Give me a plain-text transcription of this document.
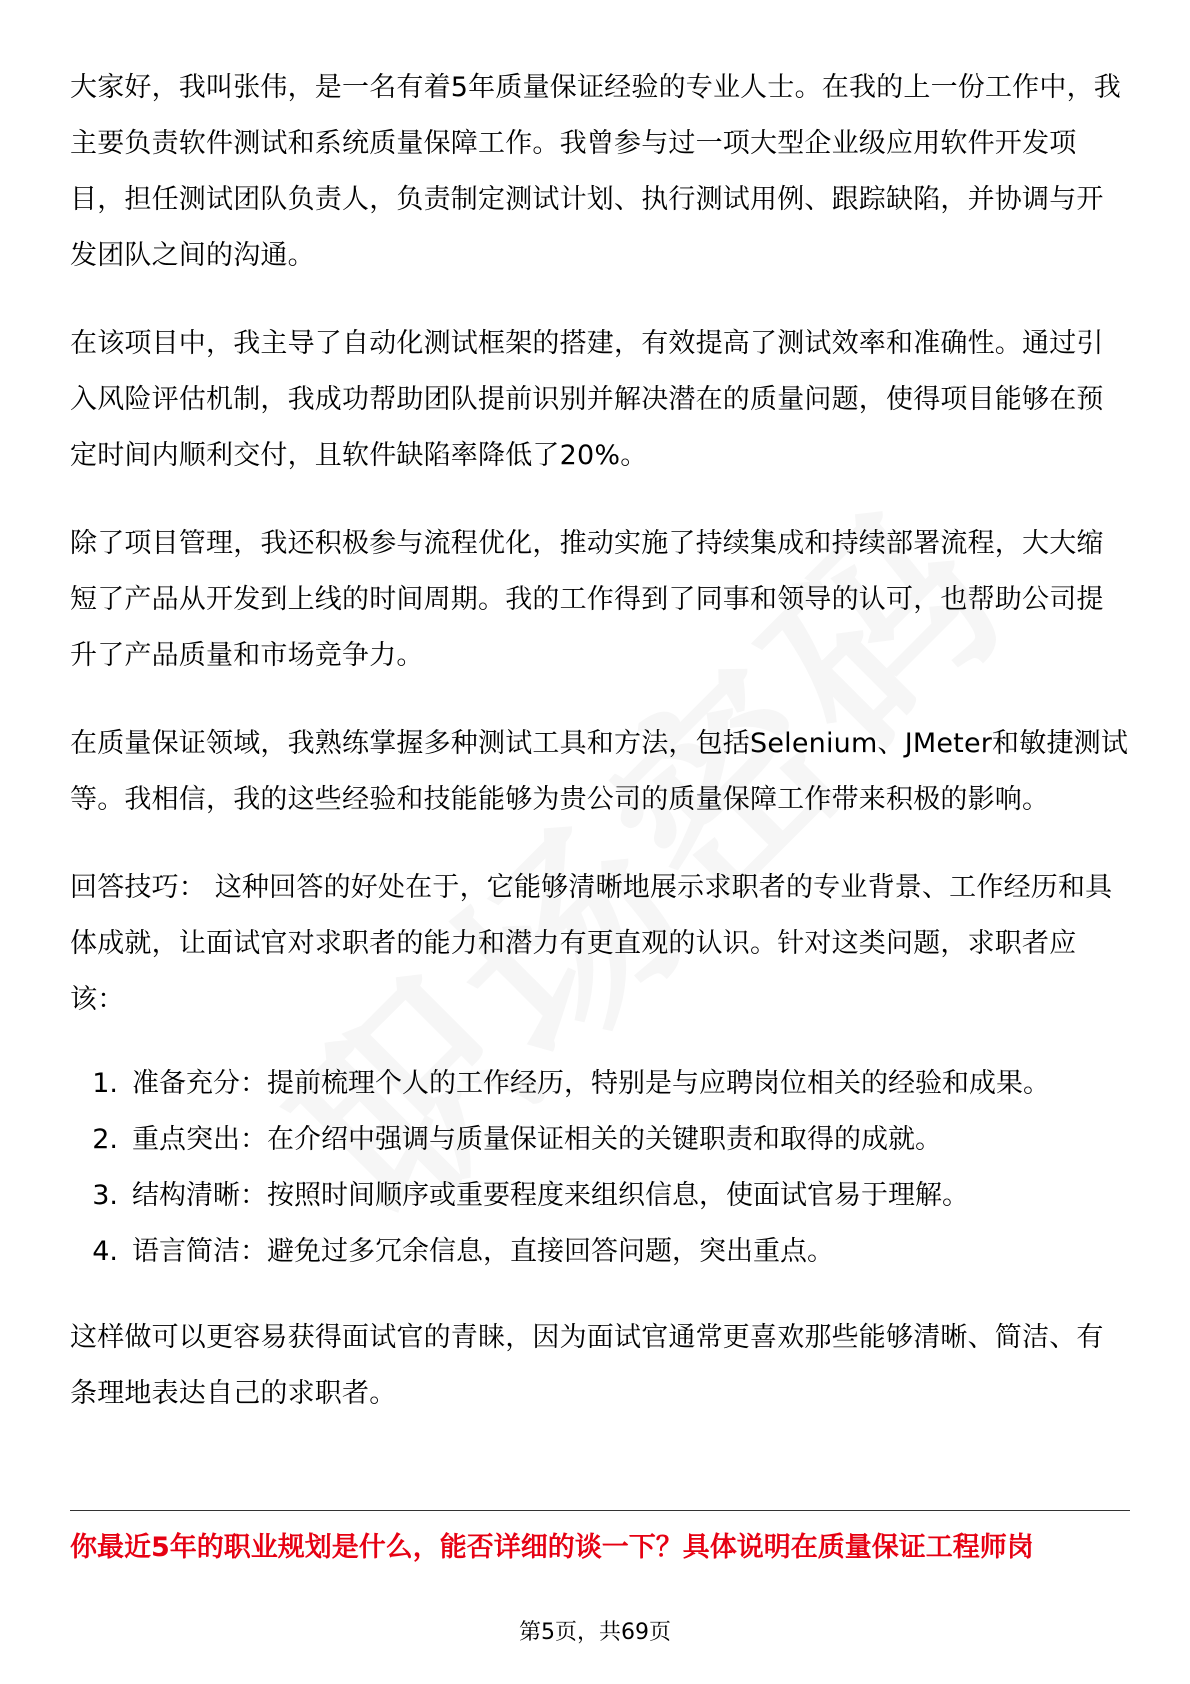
大家好，我叫张伟，是一名有着5年质量保证经验的专业人士。在我的上一份工作中，我主要负责软件测试和系统质量保障工作。我曾参与过一项大型企业级应用软件开发项目，担任测试团队负责人，负责制定测试计划、执行测试用例、跟踪缺陷，并协调与开发团队之间的沟通。

在该项目中，我主导了自动化测试框架的搭建，有效提高了测试效率和准确性。通过引入风险评估机制，我成功帮助团队提前识别并解决潜在的质量问题，使得项目能够在预定时间内顺利交付，且软件缺陷率降低了20%。

除了项目管理，我还积极参与流程优化，推动实施了持续集成和持续部署流程，大大缩短了产品从开发到上线的时间周期。我的工作得到了同事和领导的认可，也帮助公司提升了产品质量和市场竞争力。

在质量保证领域，我熟练掌握多种测试工具和方法，包括Selenium、JMeter和敏捷测试等。我相信，我的这些经验和技能能够为贵公司的质量保障工作带来积极的影响。

回答技巧： 这种回答的好处在于，它能够清晰地展示求职者的专业背景、工作经历和具体成就，让面试官对求职者的能力和潜力有更直观的认识。针对这类问题，求职者应该：

1. 准备充分：提前梳理个人的工作经历，特别是与应聘岗位相关的经验和成果。
2. 重点突出：在介绍中强调与质量保证相关的关键职责和取得的成就。
3. 结构清晰：按照时间顺序或重要程度来组织信息，使面试官易于理解。
4. 语言简洁：避免过多冗余信息，直接回答问题，突出重点。

这样做可以更容易获得面试官的青睐，因为面试官通常更喜欢那些能够清晰、简洁、有条理地表达自己的求职者。

你最近5年的职业规划是什么，能否详细的谈一下？具体说明在质量保证工程师岗
第5页，共69页
